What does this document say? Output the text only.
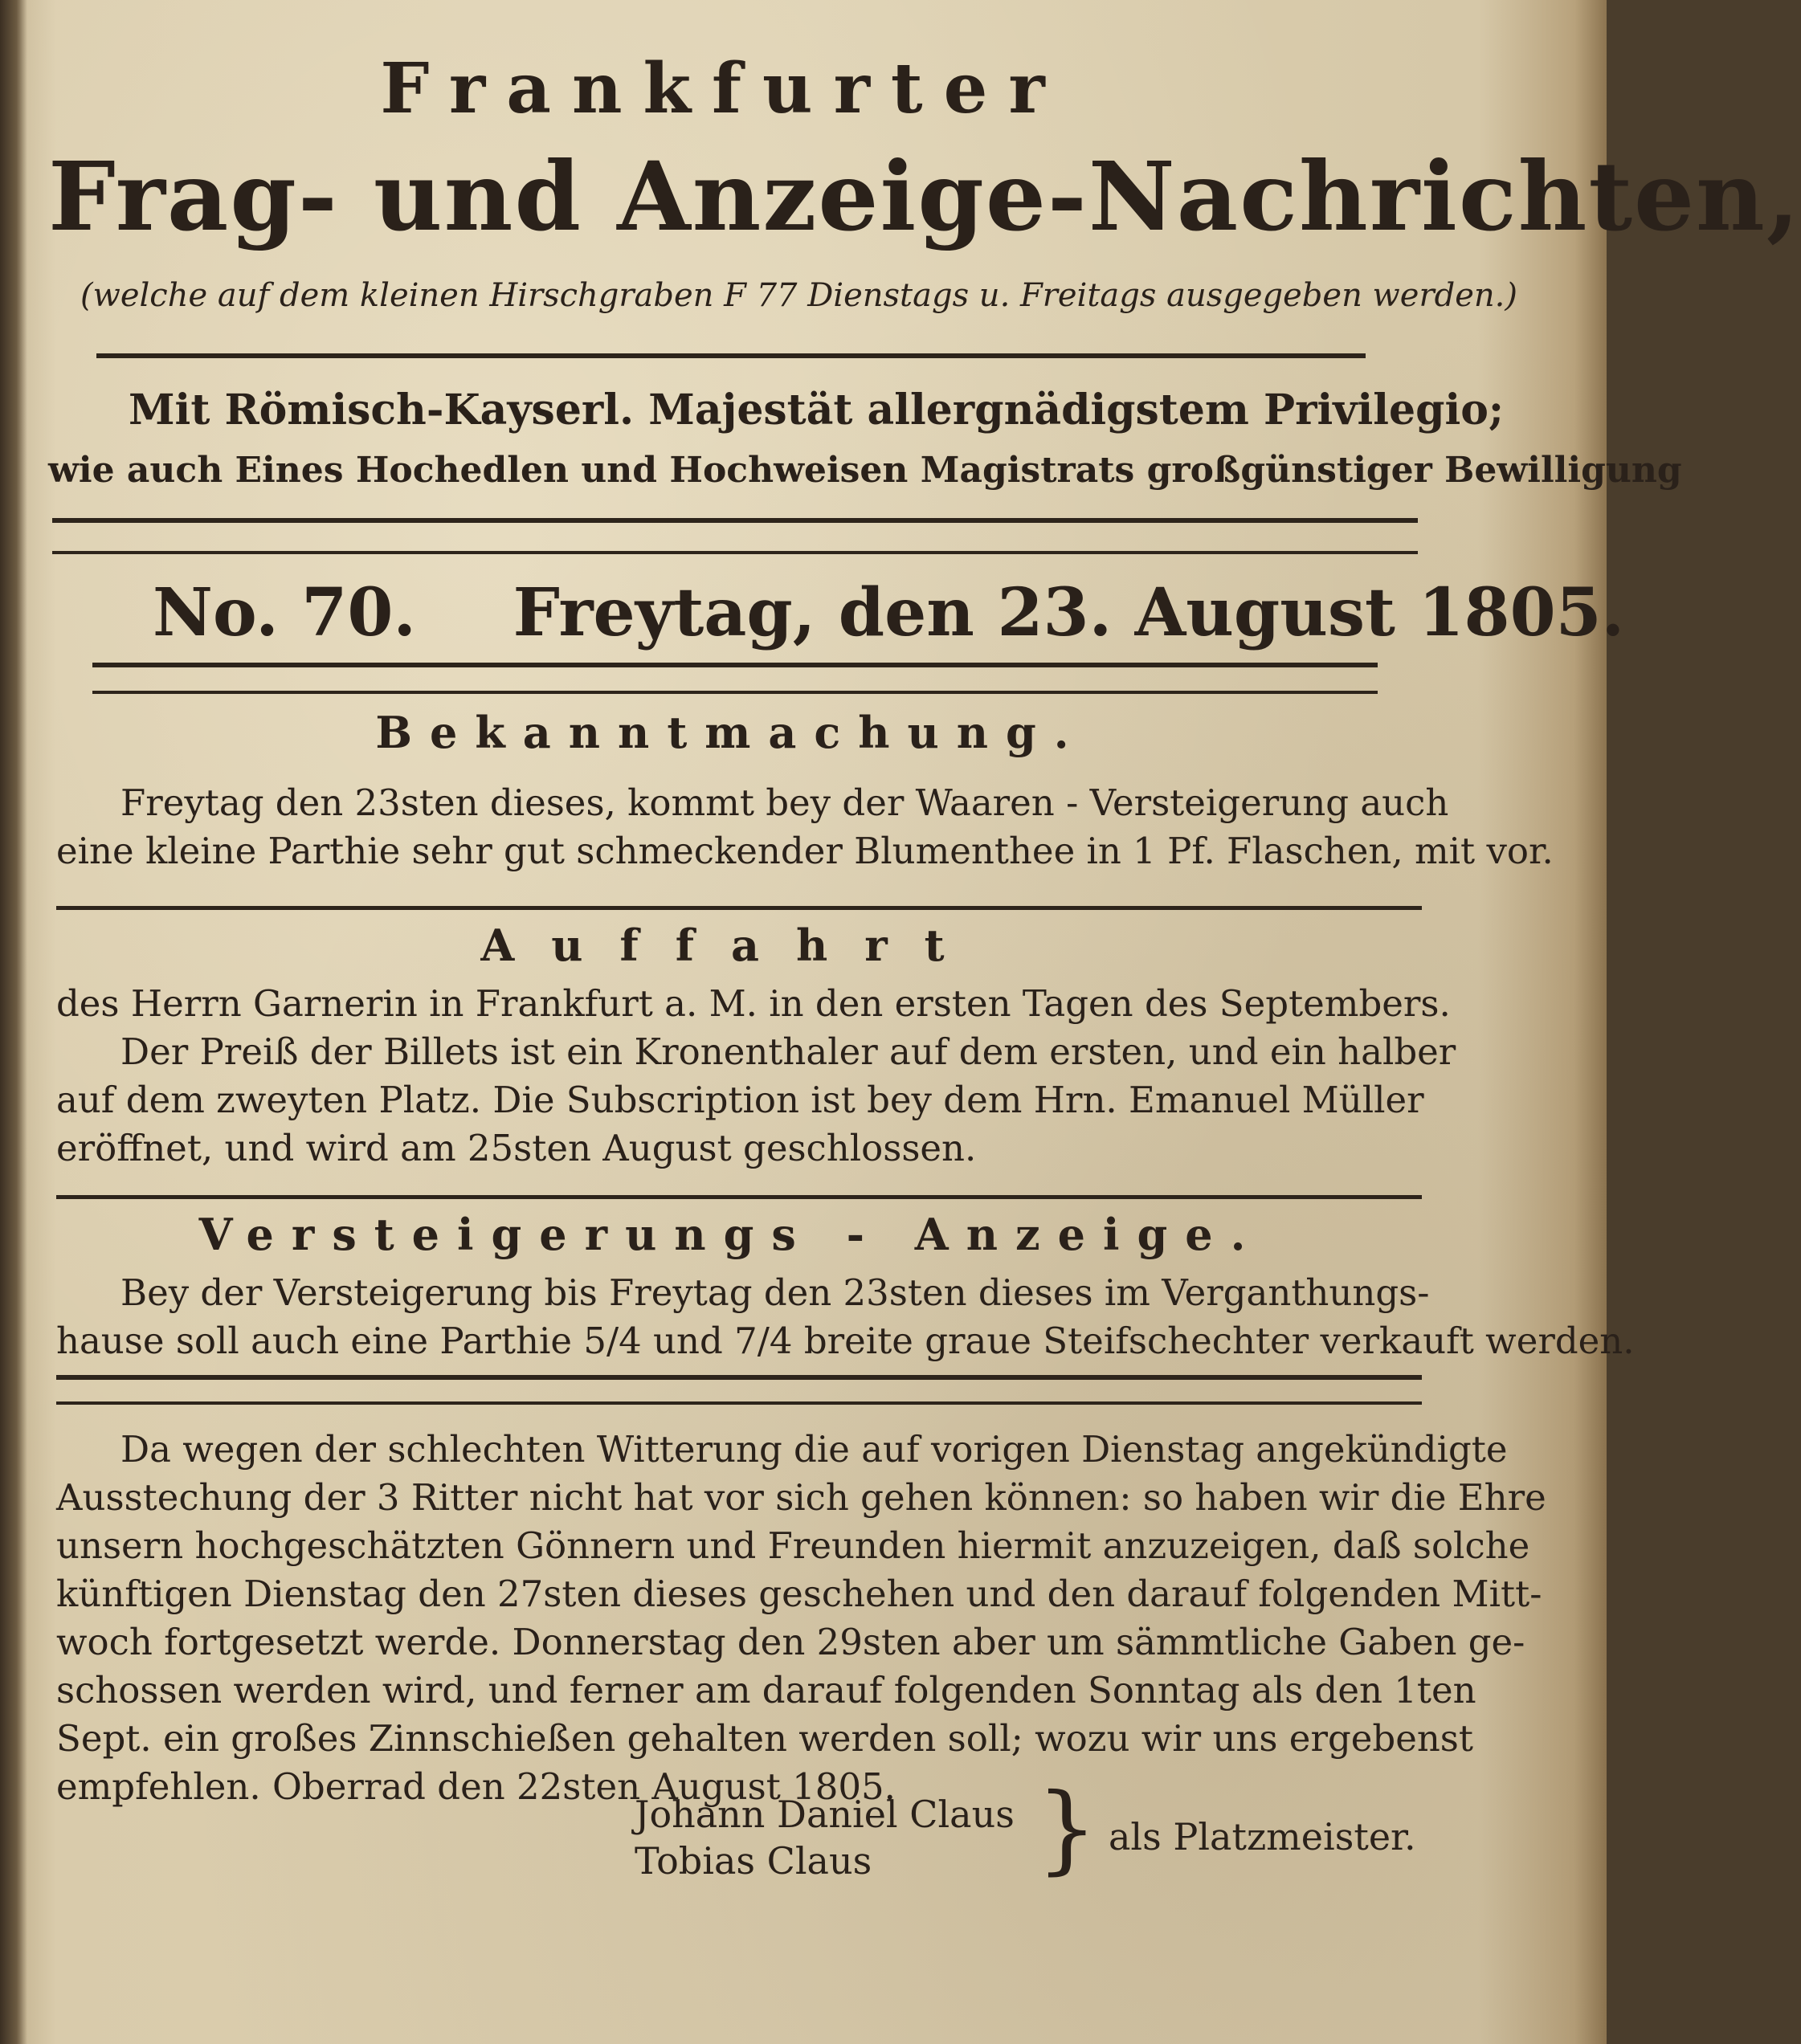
Frankfurter
Frag- und Anzeige-Nachrichten,
(welche auf dem kleinen Hirschgraben F 77 Dienstags u. Freitags ausgegeben werden.)
Mit Römisch-Kayserl. Majestät allergnädigstem Privilegio;
wie auch Eines Hochedlen und Hochweisen Magistrats großgünstiger Bewilligung
No. 70. Freytag, den 23. August 1805.
Bekanntmachung.
Freytag den 23sten dieses, kommt bey der Waaren - Versteigerung auch
eine kleine Parthie sehr gut schmeckender Blumenthee in 1 Pf. Flaschen, mit vor.
Auffahrt
des Herrn Garnerin in Frankfurt a. M. in den ersten Tagen des Septembers.
Der Preiß der Billets ist ein Kronenthaler auf dem ersten, und ein halber
auf dem zweyten Platz. Die Subscription ist bey dem Hrn. Emanuel Müller
eröffnet, und wird am 25sten August geschlossen.
Versteigerungs - Anzeige.
Bey der Versteigerung bis Freytag den 23sten dieses im Verganthungs-
hause soll auch eine Parthie 5/4 und 7/4 breite graue Steifschechter verkauft werden.
Da wegen der schlechten Witterung die auf vorigen Dienstag angekündigte
Ausstechung der 3 Ritter nicht hat vor sich gehen können: so haben wir die Ehre
unsern hochgeschätzten Gönnern und Freunden hiermit anzuzeigen, daß solche
künftigen Dienstag den 27sten dieses geschehen und den darauf folgenden Mitt-
woch fortgesetzt werde. Donnerstag den 29sten aber um sämmtliche Gaben ge-
schossen werden wird, und ferner am darauf folgenden Sonntag als den 1ten
Sept. ein großes Zinnschießen gehalten werden soll; wozu wir uns ergebenst
empfehlen. Oberrad den 22sten August 1805.
Johann Daniel Claus
Tobias Claus	} als Platzmeister.
